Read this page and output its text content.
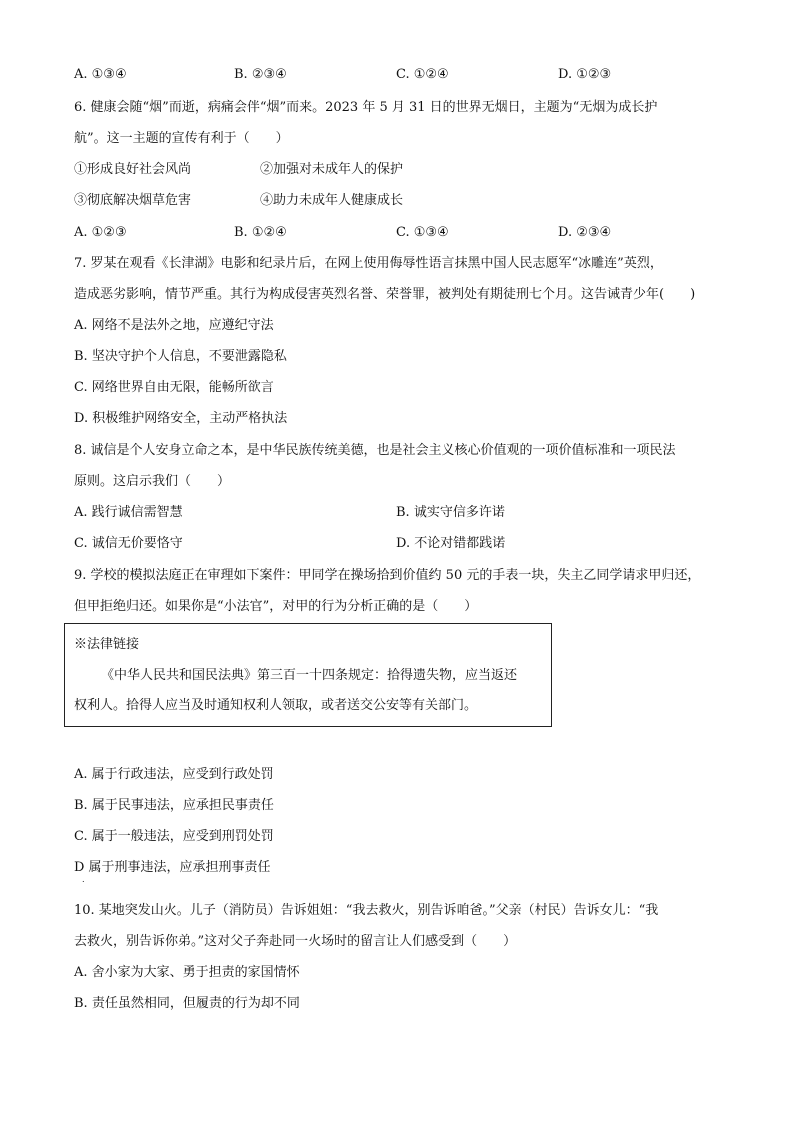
A. ①③④	B. ②③④	C. ①②④	D. ①②③
6. 健康会随“烟”而逝，病痛会伴“烟”而来。2023 年 5 月 31 日的世界无烟日，主题为“无烟为成长护
航”。这一主题的宣传有利于（　　）
①形成良好社会风尚	②加强对未成年人的保护
③彻底解决烟草危害	④助力未成年人健康成长
A. ①②③	B. ①②④	C. ①③④	D. ②③④
7. 罗某在观看《长津湖》电影和纪录片后，在网上使用侮辱性语言抹黑中国人民志愿军“冰雕连”英烈，
造成恶劣影响，情节严重。其行为构成侵害英烈名誉、荣誉罪，被判处有期徒刑七个月。这告诫青少年(　　)
A. 网络不是法外之地，应遵纪守法
B. 坚决守护个人信息，不要泄露隐私
C. 网络世界自由无限，能畅所欲言
D. 积极维护网络安全，主动严格执法
8. 诚信是个人安身立命之本，是中华民族传统美德，也是社会主义核心价值观的一项价值标准和一项民法
原则。这启示我们（　　）
A. 践行诚信需智慧	B. 诚实守信多许诺
C. 诚信无价要恪守	D. 不论对错都践诺
9. 学校的模拟法庭正在审理如下案件：甲同学在操场拾到价值约 50 元的手表一块，失主乙同学请求甲归还，
但甲拒绝归还。如果你是“小法官”，对甲的行为分析正确的是（　　）
※法律链接
《中华人民共和国民法典》第三百一十四条规定：拾得遗失物，应当返还
权利人。拾得人应当及时通知权利人领取，或者送交公安等有关部门。
A. 属于行政违法，应受到行政处罚
B. 属于民事违法，应承担民事责任
C. 属于一般违法，应受到刑罚处罚
D 属于刑事违法，应承担刑事责任
.
10. 某地突发山火。儿子（消防员）告诉姐姐：“我去救火，别告诉咱爸。”父亲（村民）告诉女儿：“我
去救火，别告诉你弟。”这对父子奔赴同一火场时的留言让人们感受到（　　）
A. 舍小家为大家、勇于担责的家国情怀
B. 责任虽然相同，但履责的行为却不同
